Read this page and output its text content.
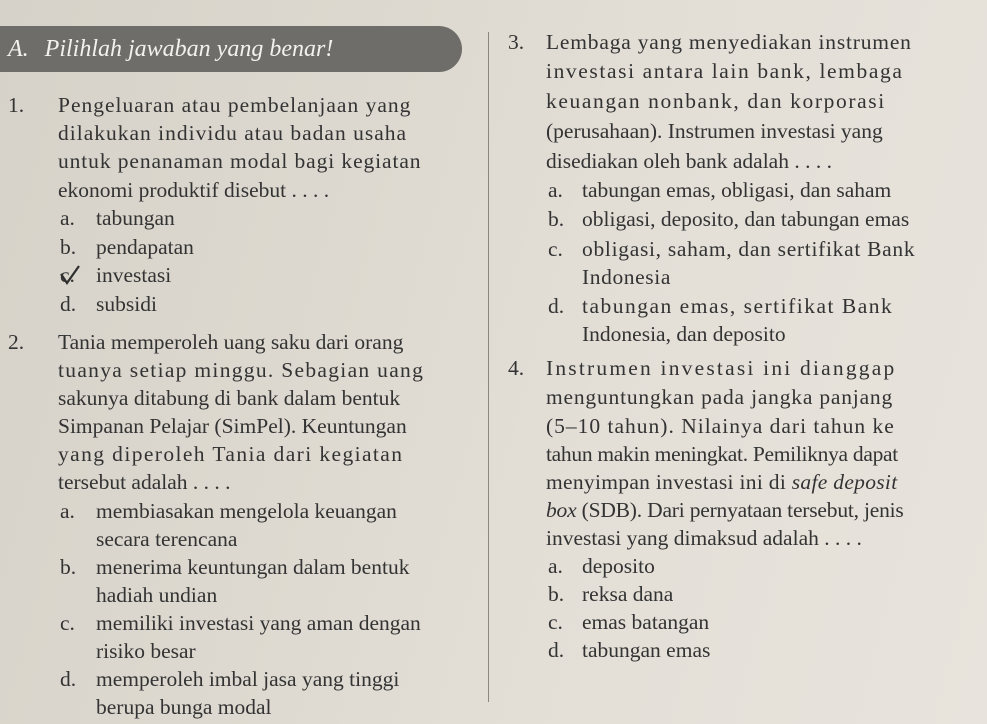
A. Pilihlah jawaban yang benar!
1. Pengeluaran atau pembelanjaan yang
dilakukan individu atau badan usaha
untuk penanaman modal bagi kegiatan
ekonomi produktif disebut . . . .
a. tabungan
b. pendapatan
c. investasi
d. subsidi
2. Tania memperoleh uang saku dari orang
tuanya setiap minggu. Sebagian uang
sakunya ditabung di bank dalam bentuk
Simpanan Pelajar (SimPel). Keuntungan
yang diperoleh Tania dari kegiatan
tersebut adalah . . . .
a. membiasakan mengelola keuangan
secara terencana
b. menerima keuntungan dalam bentuk
hadiah undian
c. memiliki investasi yang aman dengan
risiko besar
d. memperoleh imbal jasa yang tinggi
berupa bunga modal
3. Lembaga yang menyediakan instrumen
investasi antara lain bank, lembaga
keuangan nonbank, dan korporasi
(perusahaan). Instrumen investasi yang
disediakan oleh bank adalah . . . .
a. tabungan emas, obligasi, dan saham
b. obligasi, deposito, dan tabungan emas
c. obligasi, saham, dan sertifikat Bank
Indonesia
d. tabungan emas, sertifikat Bank
Indonesia, dan deposito
4. Instrumen investasi ini dianggap
menguntungkan pada jangka panjang
(5–10 tahun). Nilainya dari tahun ke
tahun makin meningkat. Pemiliknya dapat
menyimpan investasi ini di safe deposit
box (SDB). Dari pernyataan tersebut, jenis
investasi yang dimaksud adalah . . . .
a. deposito
b. reksa dana
c. emas batangan
d. tabungan emas
